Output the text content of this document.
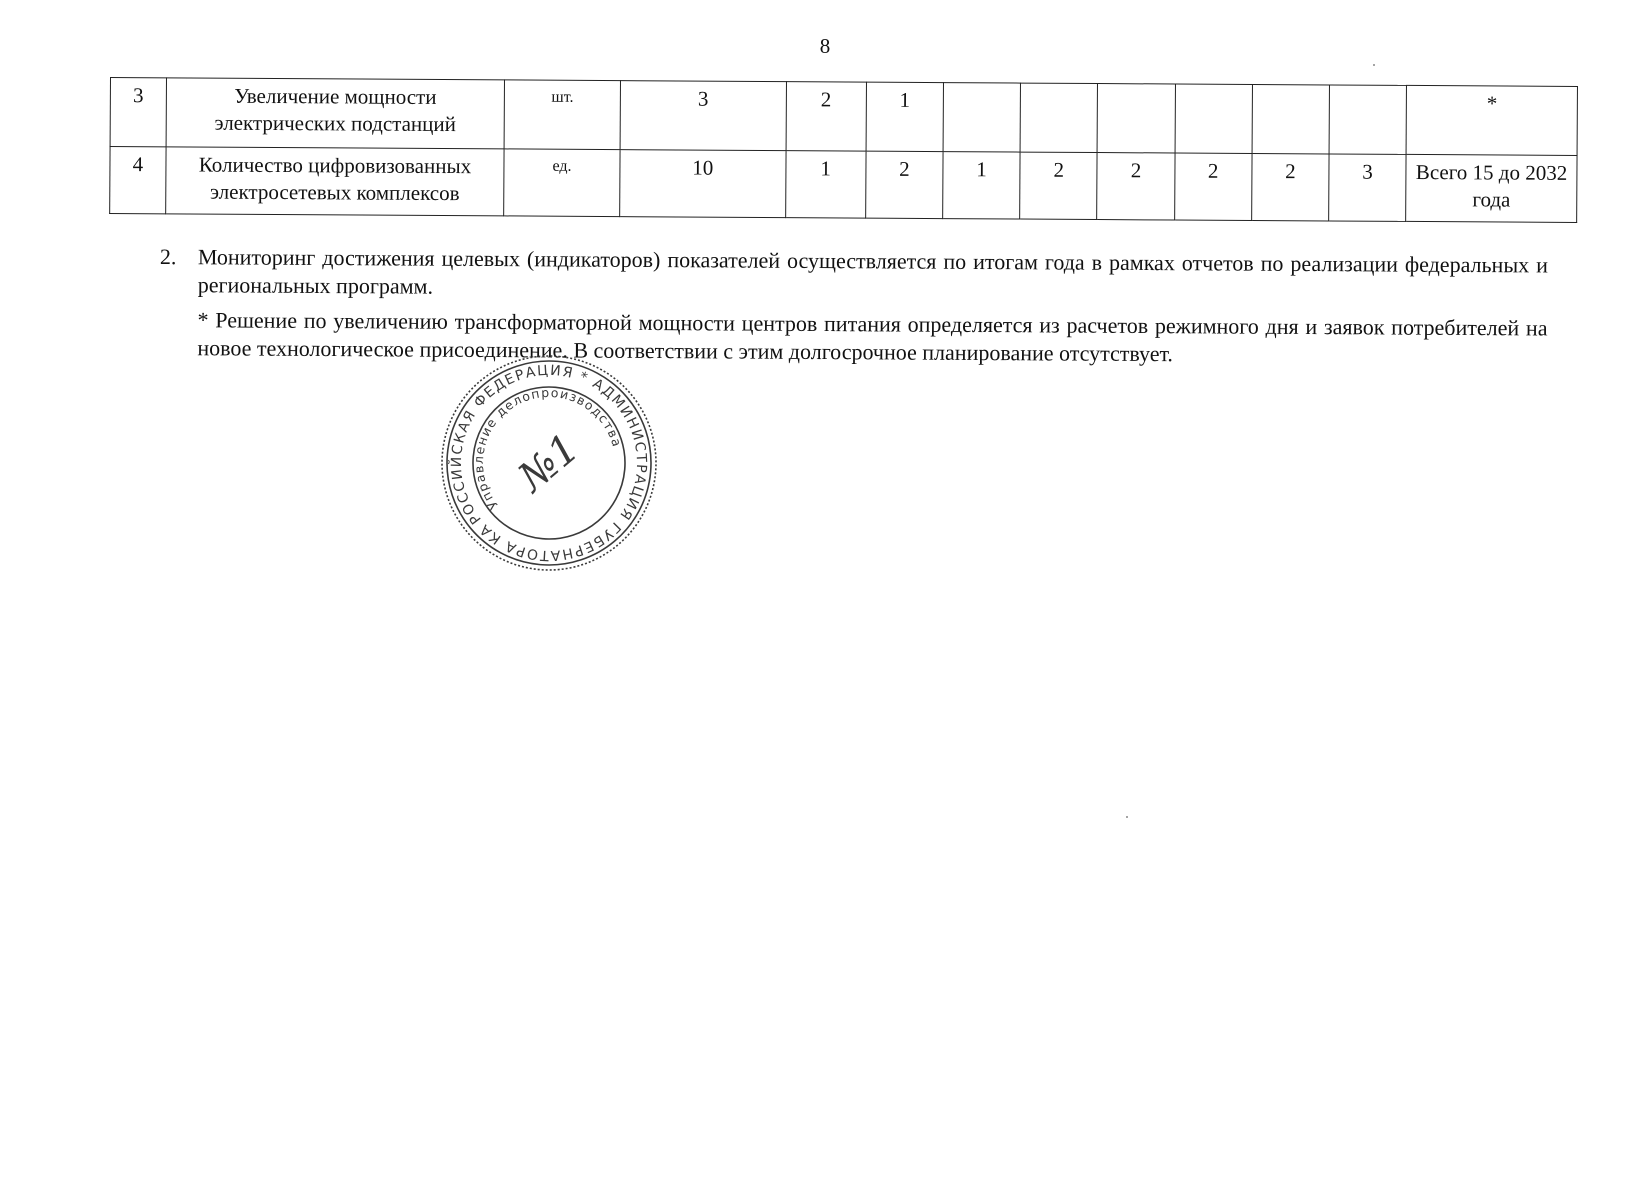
8
3	Увеличение мощности
электрических подстанций	шт.	3	2	1							*
4	Количество цифровизованных
электросетевых комплексов	ед.	10	1	2	1	2	2	2	2	3	Всего 15 до 2032 года
2. Мониторинг достижения целевых (индикаторов) показателей осуществляется по итогам года в рамках отчетов по реализации федеральных и региональных программ.
* Решение по увеличению трансформаторной мощности центров питания определяется из расчетов режимного дня и заявок потребителей на новое технологическое присоединение. В соответствии с этим долгосрочное планирование отсутствует.
РОССИЙСКАЯ ФЕДЕРАЦИЯ * АДМИНИСТРАЦИЯ ГУБЕРНАТОРА КАЛУЖСКОЙ
Управление делопроизводства
№1
